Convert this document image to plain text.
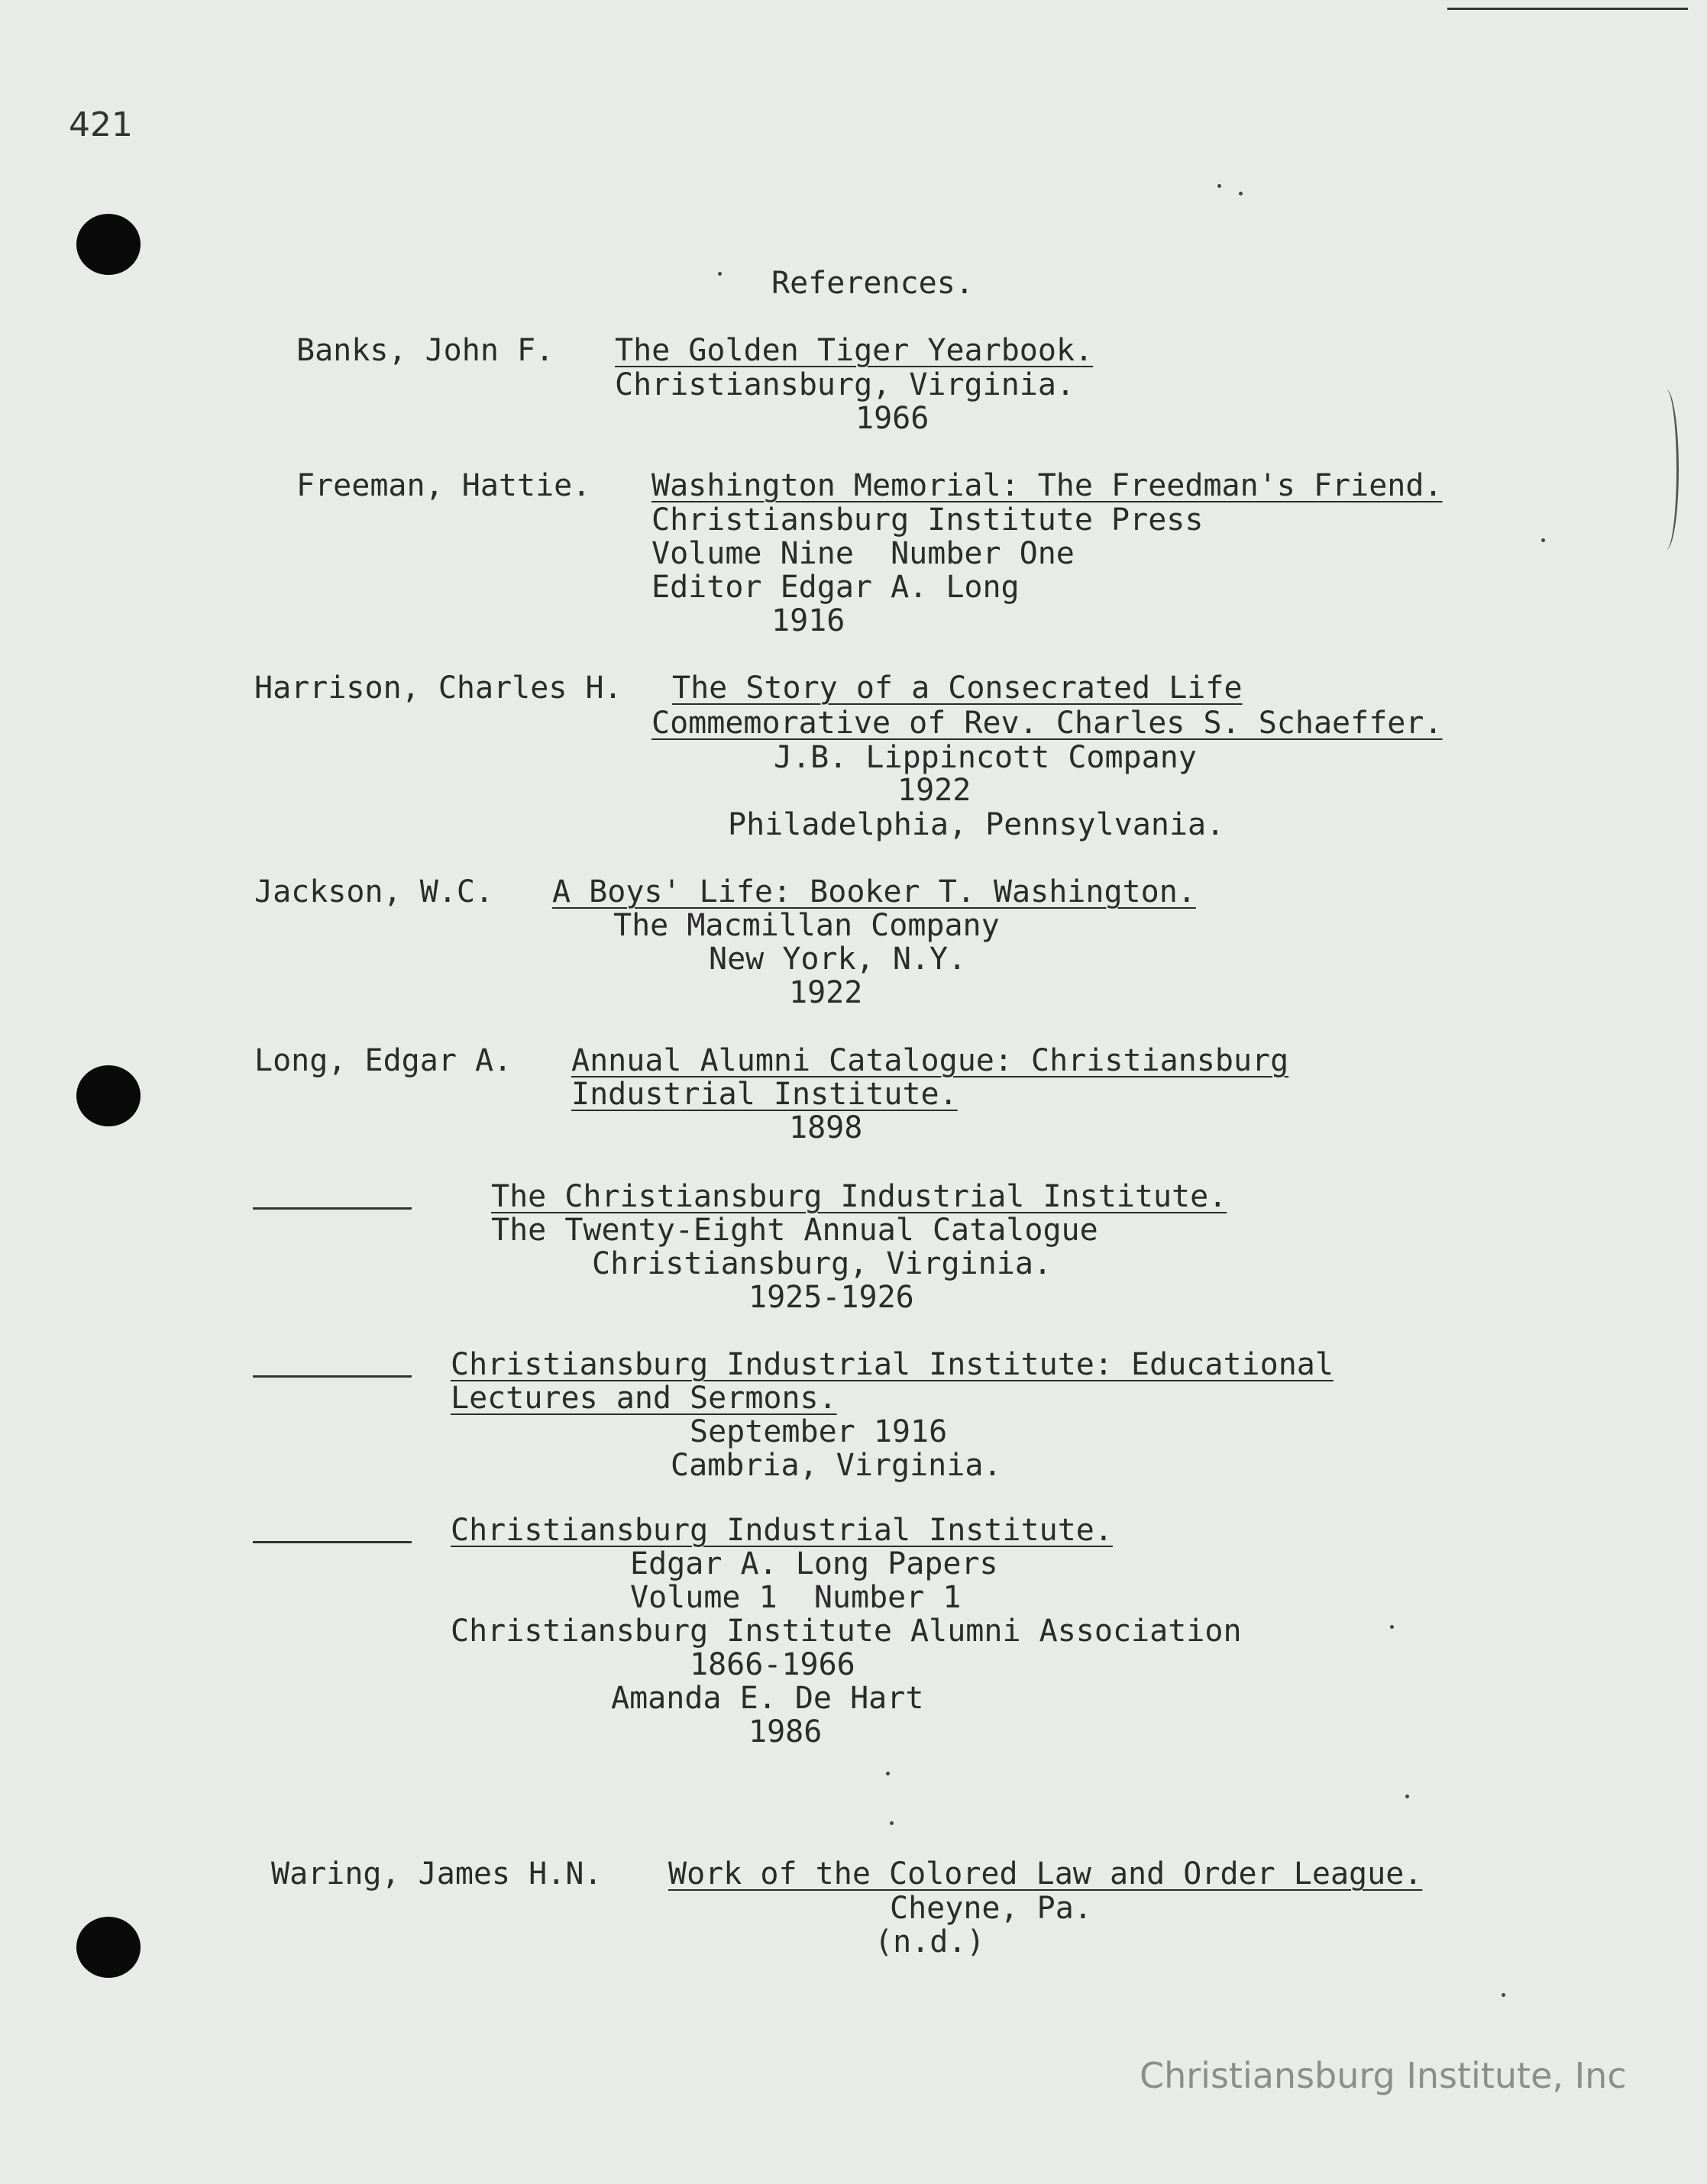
421
References.
Banks, John F. The Golden Tiger Yearbook.
Christiansburg, Virginia.
1966
Freeman, Hattie. Washington Memorial: The Freedman's Friend.
Christiansburg Institute Press
Volume Nine  Number One
Editor Edgar A. Long
1916
Harrison, Charles H. The Story of a Consecrated Life
Commemorative of Rev. Charles S. Schaeffer.
J.B. Lippincott Company
1922
Philadelphia, Pennsylvania.
Jackson, W.C. A Boys' Life: Booker T. Washington.
The Macmillan Company
New York, N.Y.
1922
Long, Edgar A. Annual Alumni Catalogue: Christiansburg
Industrial Institute.
1898
The Christiansburg Industrial Institute.
The Twenty-Eight Annual Catalogue
Christiansburg, Virginia.
1925-1926
Christiansburg Industrial Institute: Educational
Lectures and Sermons.
September 1916
Cambria, Virginia.
Christiansburg Industrial Institute.
Edgar A. Long Papers
Volume 1  Number 1
Christiansburg Institute Alumni Association
1866-1966
Amanda E. De Hart
1986
Waring, James H.N. Work of the Colored Law and Order League.
Cheyne, Pa.
(n.d.)
Christiansburg Institute, Inc
